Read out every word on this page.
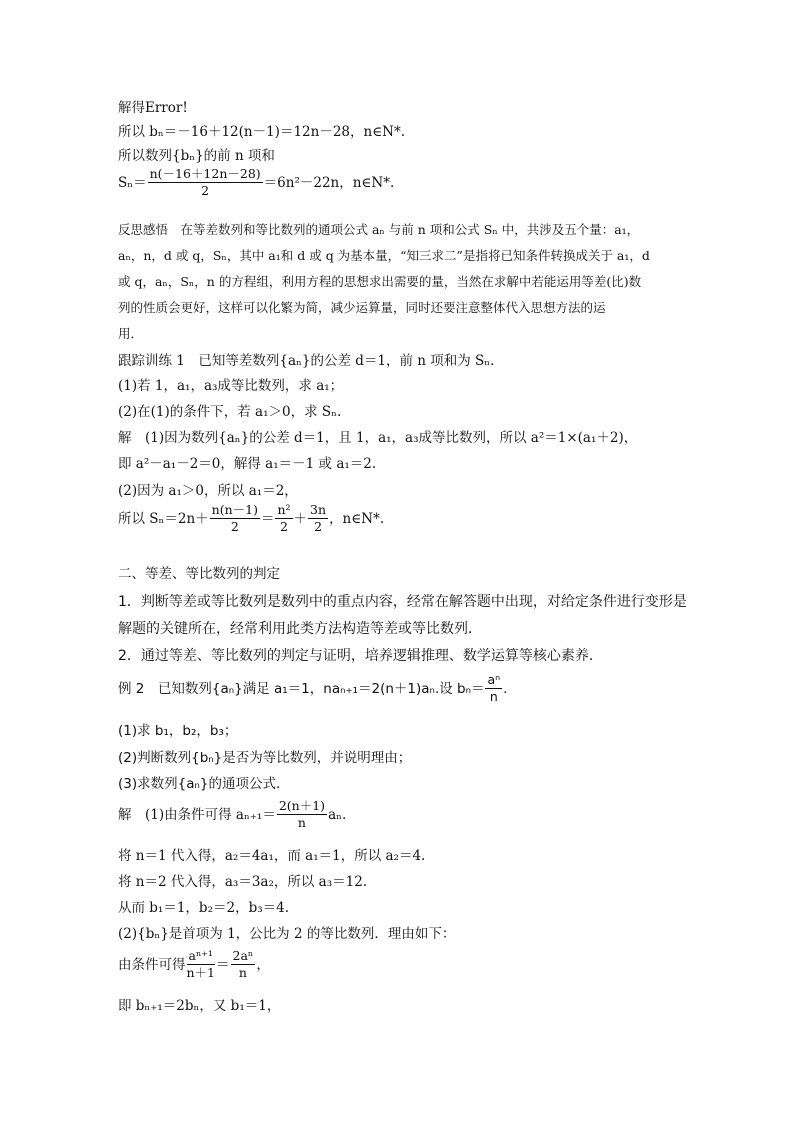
解得Error!
所以 bₙ＝－16＋12(n－1)＝12n－28，n∈N*.
所以数列{bₙ}的前 n 项和
$S_n= \frac{n(-16+12n-28)}{2} =6n^2-22n$，n∈N*.
反思感悟　在等差数列和等比数列的通项公式 aₙ 与前 n 项和公式 Sₙ 中，共涉及五个量：a₁，
aₙ，n，d 或 q，Sₙ，其中 a₁和 d 或 q 为基本量，“知三求二”是指将已知条件转换成关于 a₁，d
或 q，aₙ，Sₙ，n 的方程组，利用方程的思想求出需要的量，当然在求解中若能运用等差(比)数
列的性质会更好，这样可以化繁为简，减少运算量，同时还要注意整体代入思想方法的运
用．
跟踪训练 1　已知等差数列{aₙ}的公差 d＝1，前 n 项和为 Sₙ.
(1)若 1，a₁，a₃成等比数列，求 a₁；
(2)在(1)的条件下，若 a₁＞0，求 Sₙ.
解　(1)因为数列{aₙ}的公差 d＝1，且 1，a₁，a₃成等比数列，所以 a²＝1×(a₁＋2)，
即 a²－a₁－2＝0，解得 a₁＝－1 或 a₁＝2.
(2)因为 a₁＞0，所以 a₁＝2，
所以 $S_n=2n+ \frac{n(n-1)}{2} = \frac{\text{n²}}{2} + \frac{3n}{2}$ ，n∈N*.
二、等差、等比数列的判定
1．判断等差或等比数列是数列中的重点内容，经常在解答题中出现，对给定条件进行变形是
解题的关键所在，经常利用此类方法构造等差或等比数列．
2．通过等差、等比数列的判定与证明，培养逻辑推理、数学运算等核心素养．
例 2　已知数列{aₙ}满足 a₁＝1，naₙ₊₁＝2(n＋1)aₙ.设 $b_n= \frac{\text{aⁿ}}{n}$ .
(1)求 b₁，b₂，b₃；
(2)判断数列{bₙ}是否为等比数列，并说明理由；
(3)求数列{aₙ}的通项公式．
解　(1)由条件可得 $a_{n+1}= \frac{2(n+1)}{n} a_n$.
将 n＝1 代入得，a₂＝4a₁，而 a₁＝1，所以 a₂＝4.
将 n＝2 代入得，a₃＝3a₂，所以 a₃＝12.
从而 b₁＝1，b₂＝2，b₃＝4.
(2){bₙ}是首项为 1，公比为 2 的等比数列．理由如下：
由条件可得 $\frac{\text{aⁿ⁺¹}}{n+1} = \frac{\text{2aⁿ}}{n}$ ，
即 bₙ₊₁＝2bₙ，又 b₁＝1，
